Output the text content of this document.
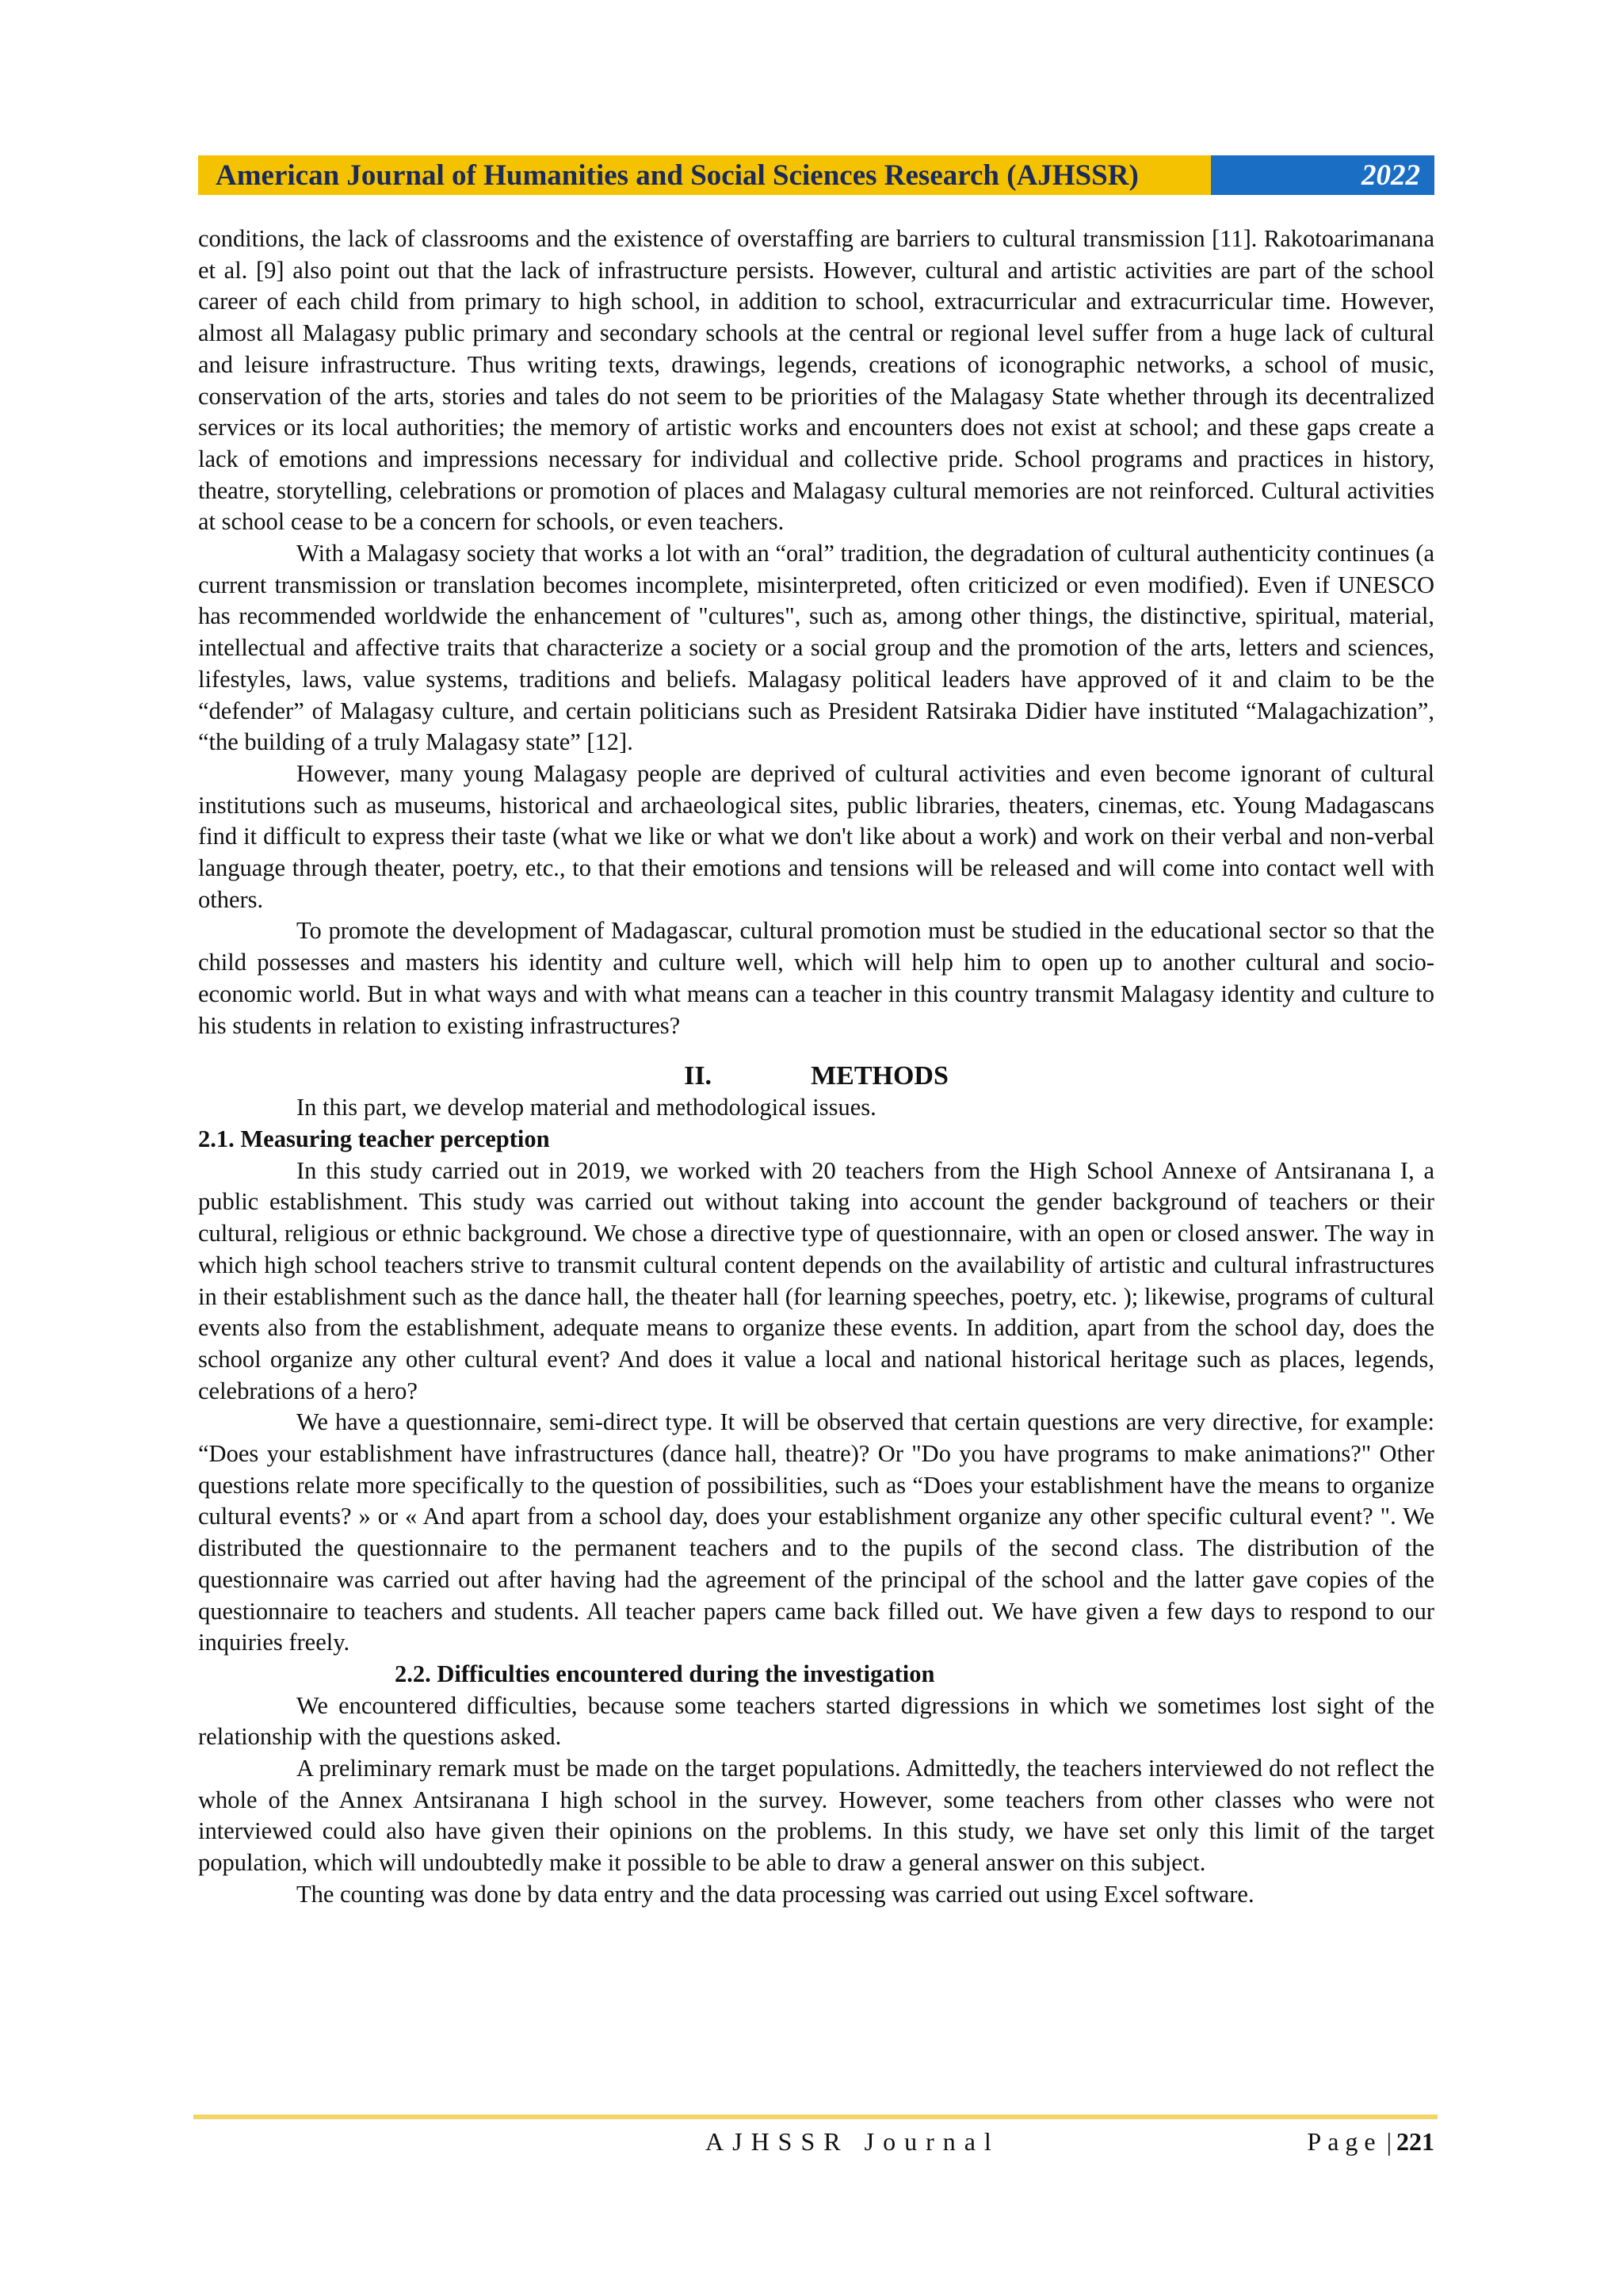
American Journal of Humanities and Social Sciences Research (AJHSSR)	2022

conditions, the lack of classrooms and the existence of overstaffing are barriers to cultural transmission [11]. Rakotoarimanana et al. [9] also point out that the lack of infrastructure persists. However, cultural and artistic activities are part of the school career of each child from primary to high school, in addition to school, extracurricular and extracurricular time. However, almost all Malagasy public primary and secondary schools at the central or regional level suffer from a huge lack of cultural and leisure infrastructure. Thus writing texts, drawings, legends, creations of iconographic networks, a school of music, conservation of the arts, stories and tales do not seem to be priorities of the Malagasy State whether through its decentralized services or its local authorities; the memory of artistic works and encounters does not exist at school; and these gaps create a lack of emotions and impressions necessary for individual and collective pride. School programs and practices in history, theatre, storytelling, celebrations or promotion of places and Malagasy cultural memories are not reinforced. Cultural activities at school cease to be a concern for schools, or even teachers.

With a Malagasy society that works a lot with an “oral” tradition, the degradation of cultural authenticity continues (a current transmission or translation becomes incomplete, misinterpreted, often criticized or even modified). Even if UNESCO has recommended worldwide the enhancement of "cultures", such as, among other things, the distinctive, spiritual, material, intellectual and affective traits that characterize a society or a social group and the promotion of the arts, letters and sciences, lifestyles, laws, value systems, traditions and beliefs. Malagasy political leaders have approved of it and claim to be the “defender” of Malagasy culture, and certain politicians such as President Ratsiraka Didier have instituted “Malagachization”, “the building of a truly Malagasy state” [12].

However, many young Malagasy people are deprived of cultural activities and even become ignorant of cultural institutions such as museums, historical and archaeological sites, public libraries, theaters, cinemas, etc. Young Madagascans find it difficult to express their taste (what we like or what we don't like about a work) and work on their verbal and non-verbal language through theater, poetry, etc., to that their emotions and tensions will be released and will come into contact well with others.

To promote the development of Madagascar, cultural promotion must be studied in the educational sector so that the child possesses and masters his identity and culture well, which will help him to open up to another cultural and socio-economic world. But in what ways and with what means can a teacher in this country transmit Malagasy identity and culture to his students in relation to existing infrastructures?

II.	METHODS

In this part, we develop material and methodological issues.

2.1. Measuring teacher perception

In this study carried out in 2019, we worked with 20 teachers from the High School Annexe of Antsiranana I, a public establishment. This study was carried out without taking into account the gender background of teachers or their cultural, religious or ethnic background. We chose a directive type of questionnaire, with an open or closed answer. The way in which high school teachers strive to transmit cultural content depends on the availability of artistic and cultural infrastructures in their establishment such as the dance hall, the theater hall (for learning speeches, poetry, etc. ); likewise, programs of cultural events also from the establishment, adequate means to organize these events. In addition, apart from the school day, does the school organize any other cultural event? And does it value a local and national historical heritage such as places, legends, celebrations of a hero?

We have a questionnaire, semi-direct type. It will be observed that certain questions are very directive, for example: “Does your establishment have infrastructures (dance hall, theatre)? Or "Do you have programs to make animations?" Other questions relate more specifically to the question of possibilities, such as “Does your establishment have the means to organize cultural events? » or « And apart from a school day, does your establishment organize any other specific cultural event? ". We distributed the questionnaire to the permanent teachers and to the pupils of the second class. The distribution of the questionnaire was carried out after having had the agreement of the principal of the school and the latter gave copies of the questionnaire to teachers and students. All teacher papers came back filled out. We have given a few days to respond to our inquiries freely.

2.2. Difficulties encountered during the investigation

We encountered difficulties, because some teachers started digressions in which we sometimes lost sight of the relationship with the questions asked.

A preliminary remark must be made on the target populations. Admittedly, the teachers interviewed do not reflect the whole of the Annex Antsiranana I high school in the survey. However, some teachers from other classes who were not interviewed could also have given their opinions on the problems. In this study, we have set only this limit of the target population, which will undoubtedly make it possible to be able to draw a general answer on this subject.

The counting was done by data entry and the data processing was carried out using Excel software.

AJHSSR Journal	Page | 221
